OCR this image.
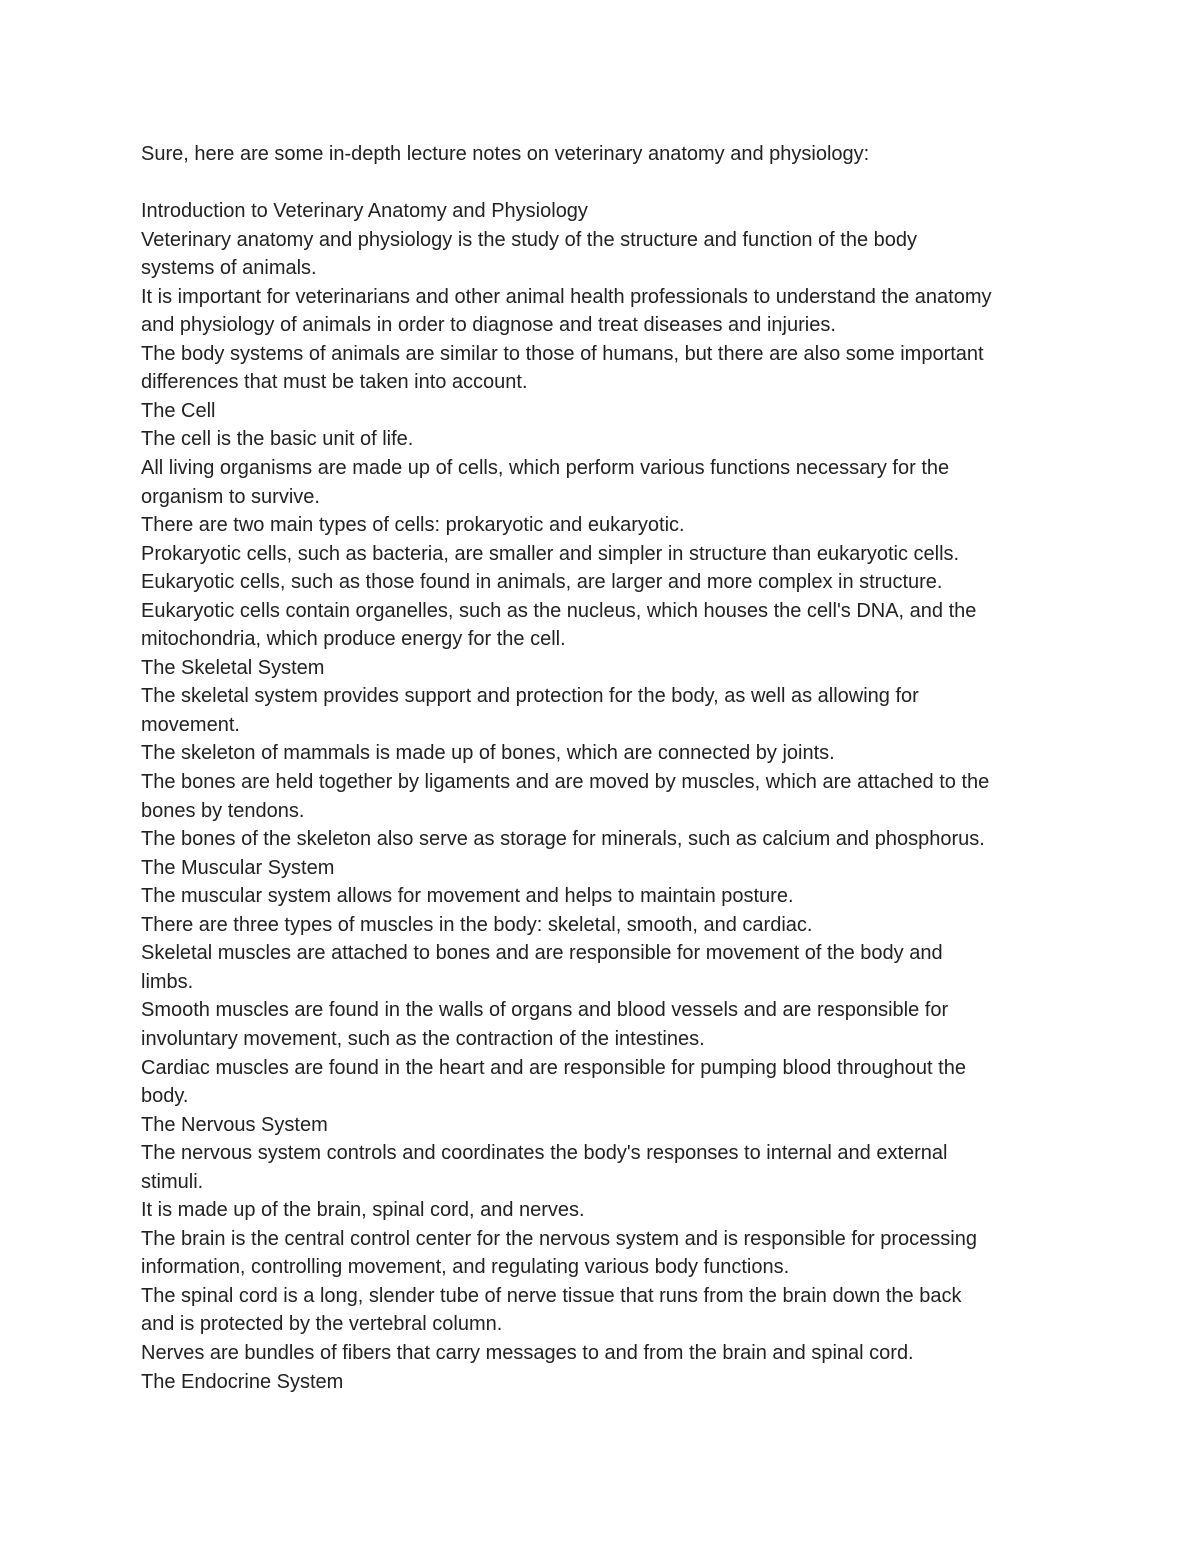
Sure, here are some in-depth lecture notes on veterinary anatomy and physiology:

Introduction to Veterinary Anatomy and Physiology

Veterinary anatomy and physiology is the study of the structure and function of the body

systems of animals.

It is important for veterinarians and other animal health professionals to understand the anatomy

and physiology of animals in order to diagnose and treat diseases and injuries.

The body systems of animals are similar to those of humans, but there are also some important

differences that must be taken into account.

The Cell

The cell is the basic unit of life.

All living organisms are made up of cells, which perform various functions necessary for the

organism to survive.

There are two main types of cells: prokaryotic and eukaryotic.

Prokaryotic cells, such as bacteria, are smaller and simpler in structure than eukaryotic cells.

Eukaryotic cells, such as those found in animals, are larger and more complex in structure.

Eukaryotic cells contain organelles, such as the nucleus, which houses the cell's DNA, and the

mitochondria, which produce energy for the cell.

The Skeletal System

The skeletal system provides support and protection for the body, as well as allowing for

movement.

The skeleton of mammals is made up of bones, which are connected by joints.

The bones are held together by ligaments and are moved by muscles, which are attached to the

bones by tendons.

The bones of the skeleton also serve as storage for minerals, such as calcium and phosphorus.

The Muscular System

The muscular system allows for movement and helps to maintain posture.

There are three types of muscles in the body: skeletal, smooth, and cardiac.

Skeletal muscles are attached to bones and are responsible for movement of the body and

limbs.

Smooth muscles are found in the walls of organs and blood vessels and are responsible for

involuntary movement, such as the contraction of the intestines.

Cardiac muscles are found in the heart and are responsible for pumping blood throughout the

body.

The Nervous System

The nervous system controls and coordinates the body's responses to internal and external

stimuli.

It is made up of the brain, spinal cord, and nerves.

The brain is the central control center for the nervous system and is responsible for processing

information, controlling movement, and regulating various body functions.

The spinal cord is a long, slender tube of nerve tissue that runs from the brain down the back

and is protected by the vertebral column.

Nerves are bundles of fibers that carry messages to and from the brain and spinal cord.

The Endocrine System
